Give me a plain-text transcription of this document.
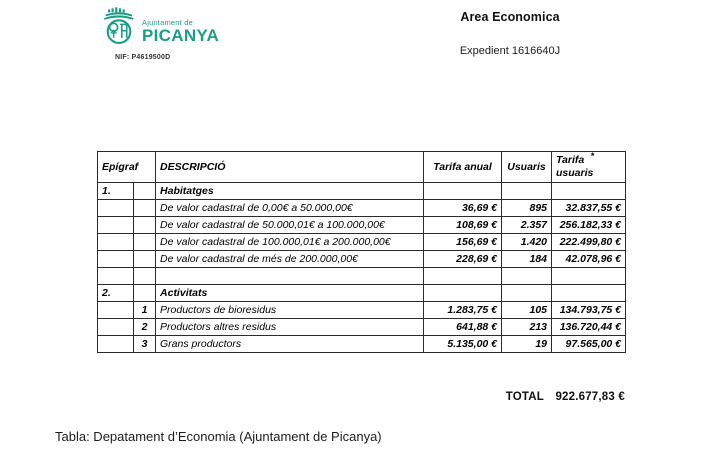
Ajuntament de
PICANYA
NIF: P4619500D
Area Economica
Expedient 1616640J
Epígraf		DESCRIPCIÓ	Tarifa anual	Usuaris	Tarifa usuaris
*

1.		Habitatges			
		De valor cadastral de 0,00€ a 50.000,00€	36,69 €	895	32.837,55 €
		De valor cadastral de 50.000,01€ a 100.000,00€	108,69 €	2.357	256.182,33 €
		De valor cadastral de 100.000,01€ a 200.000,00€	156,69 €	1.420	222.499,80 €
		De valor cadastral de més de 200.000,00€	228,69 €	184	42.078,96 €

2.		Activitats			
	1	Productors de bioresidus	1.283,75 €	105	134.793,75 €
	2	Productors altres residus	641,88 €	213	136.720,44 €
	3	Grans productors	5.135,00 €	19	97.565,00 €
TOTAL 922.677,83 €
Tabla: Depatament d’Economia (Ajuntament de Picanya)
